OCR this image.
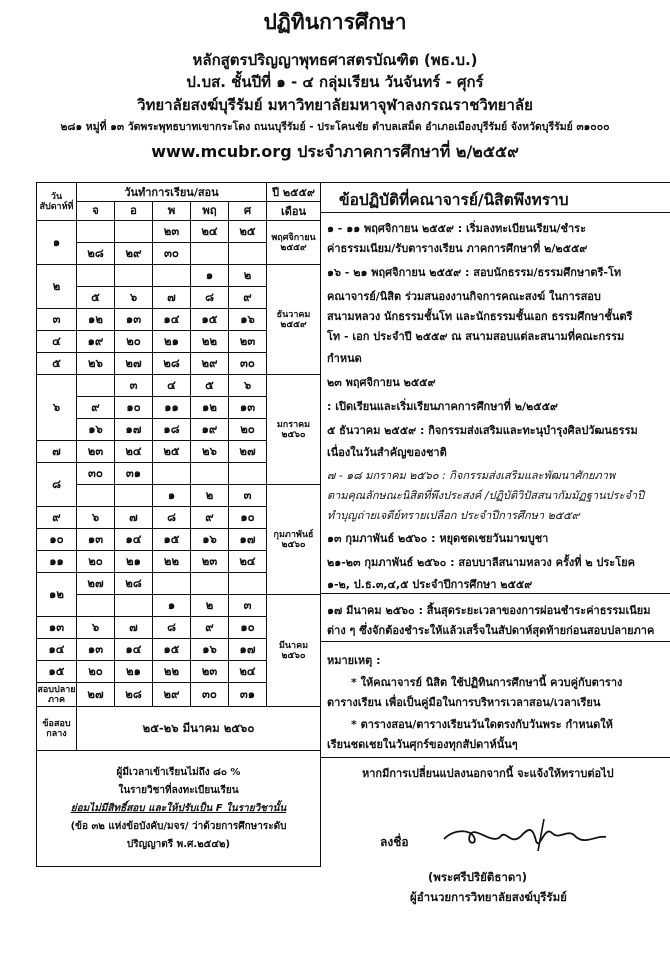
ปฏิทินการศึกษา
หลักสูตรปริญญาพุทธศาสตรบัณฑิต (พธ.บ.)
ป.บส. ชั้นปีที่ ๑ - ๔ กลุ่มเรียน วันจันทร์ - ศุกร์
วิทยาลัยสงฆ์บุรีรัมย์ มหาวิทยาลัยมหาจุฬาลงกรณราชวิทยาลัย
๒๘๑ หมู่ที่ ๑๓ วัดพระพุทธบาทเขากระโดง ถนนบุรีรัมย์ - ประโคนชัย ตำบลเสม็ด อำเภอเมืองบุรีรัมย์ จังหวัดบุรีรัมย์ ๓๑๐๐๐
www.mcubr.org ประจำภาคการศึกษาที่ ๒/๒๕๕๙
วัน สัปดาห์ที่	วันทำการเรียน/สอน					ปี ๒๕๕๙
	จ	อ	พ	พฤ	ศ	เดือน
๑			๒๓	๒๔	๒๕	พฤศจิกายน
๒๕๕๙

	๒๘	๒๙	๓๐			
๒				๑	๒	ธันวาคม
๒๕๕๙

	๕	๖	๗	๘	๙	
๓	๑๒	๑๓	๑๔	๑๕	๑๖	
๔	๑๙	๒๐	๒๑	๒๒	๒๓	
๕	๒๖	๒๗	๒๘	๒๙	๓๐	
๖		๓	๔	๕	๖	มกราคม
๒๕๖๐

	๙	๑๐	๑๑	๑๒	๑๓	
	๑๖	๑๗	๑๘	๑๙	๒๐	
๗	๒๓	๒๔	๒๕	๒๖	๒๗	
๘	๓๐	๓๑				
			๑	๒	๓	กุมภาพันธ์
๒๕๖๐

๙	๖	๗	๘	๙	๑๐	
๑๐	๑๓	๑๔	๑๕	๑๖	๑๗	
๑๑	๒๐	๒๑	๒๒	๒๓	๒๔	
๑๒	๒๗	๒๘				
			๑	๒	๓	มีนาคม
๒๕๖๐

๑๓	๖	๗	๘	๙	๑๐	
๑๔	๑๓	๑๔	๑๕	๑๖	๑๗	
๑๕	๒๐	๒๑	๒๒	๒๓	๒๔	
สอบปลายภาค	๒๗	๒๘	๒๙	๓๐	๓๑	
ข้อสอบกลาง	๒๕-๒๖ มีนาคม ๒๕๖๐					

ผู้มีเวลาเข้าเรียนไม่ถึง ๘๐ %
ในรายวิชาที่ลงทะเบียนเรียน
ย่อมไม่มีสิทธิ์สอบ และให้ปรับเป็น F ในรายวิชานั้น
(ข้อ ๓๒ แห่งข้อบังคับ/มจร/ ว่าด้วยการศึกษาระดับ
ปริญญาตรี พ.ศ.๒๕๔๒)						
ข้อปฏิบัติที่คณาจารย์/นิสิตพึงทราบ
๑ - ๑๑ พฤศจิกายน ๒๕๕๙ : เริ่มลงทะเบียนเรียน/ชำระ
ค่าธรรมเนียม/รับตารางเรียน ภาคการศึกษาที่ ๒/๒๕๕๙
๑๖ - ๒๑ พฤศจิกายน ๒๕๕๙ : สอบนักธรรม/ธรรมศึกษาตรี-โท
คณาจารย์/นิสิต ร่วมสนองงานกิจการคณะสงฆ์ ในการสอบ
สนามหลวง นักธรรมชั้นโท และนักธรรมชั้นเอก ธรรมศึกษาชั้นตรี
โท - เอก ประจำปี ๒๕๕๙ ณ สนามสอบแต่ละสนามที่คณะกรรม
กำหนด
๒๓ พฤศจิกายน ๒๕๕๙
: เปิดเรียนและเริ่มเรียนภาคการศึกษาที่ ๒/๒๕๕๙
๕ ธันวาคม ๒๕๕๙ : กิจกรรมส่งเสริมและทะนุบำรุงศิลปวัฒนธรรม
เนื่องในวันสำคัญของชาติ
๗ - ๑๘ มกราคม ๒๕๖๐ : กิจกรรมส่งเสริมและพัฒนาศักยภาพ
ตามคุณลักษณะนิสิตที่พึงประสงค์ /ปฏิบัติวิปัสสนากัมมัฏฐานประจำปี
ทำบุญถ่ายเจดีย์ทรายเปลือก ประจำปีการศึกษา ๒๕๕๙
๑๓ กุมภาพันธ์ ๒๕๖๐ : หยุดชดเชยวันมาฆบูชา
๒๑-๒๓ กุมภาพันธ์ ๒๕๖๐ : สอบบาลีสนามหลวง ครั้งที่ ๒ ประโยค
๑-๒, ป.ธ.๓,๔,๕ ประจำปีการศึกษา ๒๕๕๙
๑๗ มีนาคม ๒๕๖๐ : สิ้นสุดระยะเวลาของการผ่อนชำระค่าธรรมเนียม
ต่าง ๆ ซึ่งจักต้องชำระให้แล้วเสร็จในสัปดาห์สุดท้ายก่อนสอบปลายภาค
หมายเหตุ :
* ให้คณาจารย์ นิสิต ใช้ปฏิทินการศึกษานี้ ควบคู่กับตาราง
ตารางเรียน เพื่อเป็นคู่มือในการบริหารเวลาสอน/เวลาเรียน
* ตารางสอน/ตารางเรียนวันใดตรงกับวันพระ กำหนดให้
เรียนชดเชยในวันศุกร์ของทุกสัปดาห์นั้นๆ
หากมีการเปลี่ยนแปลงนอกจากนี้ จะแจ้งให้ทราบต่อไป
ลงชื่อ
(พระศรีปริยัติธาดา)
ผู้อำนวยการวิทยาลัยสงฆ์บุรีรัมย์
